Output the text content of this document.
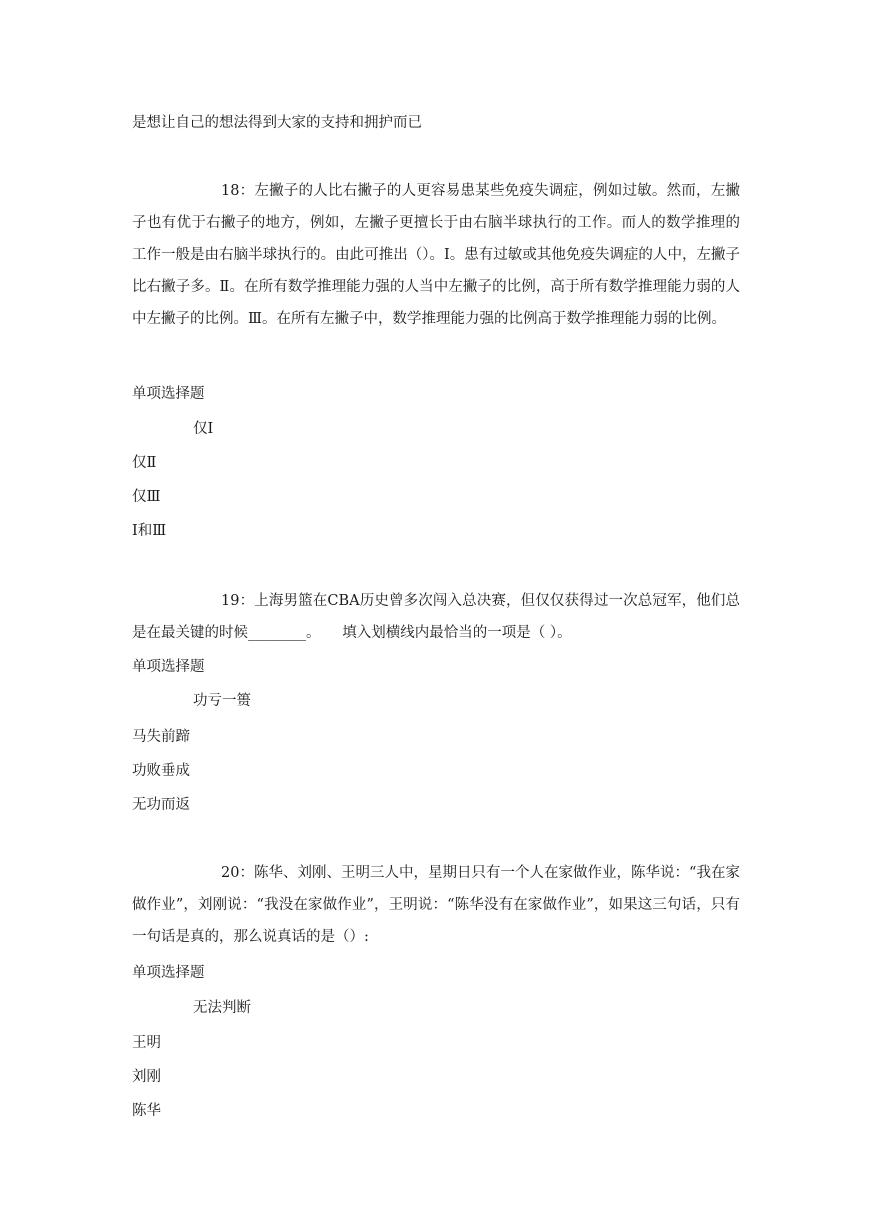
是想让自己的想法得到大家的支持和拥护而已
18：左撇子的人比右撇子的人更容易患某些免疫失调症，例如过敏。然而，左撇子也有优于右撇子的地方，例如，左撇子更擅长于由右脑半球执行的工作。而人的数学推理的工作一般是由右脑半球执行的。由此可推出（）。Ⅰ。患有过敏或其他免疫失调症的人中，左撇子比右撇子多。Ⅱ。在所有数学推理能力强的人当中左撇子的比例，高于所有数学推理能力弱的人中左撇子的比例。Ⅲ。在所有左撇子中，数学推理能力强的比例高于数学推理能力弱的比例。
单项选择题
仅Ⅰ
仅Ⅱ
仅Ⅲ
Ⅰ和Ⅲ
19：上海男篮在CBA历史曾多次闯入总决赛，但仅仅获得过一次总冠军，他们总是在最关键的时候________。　　填入划横线内最恰当的一项是（ ）。
单项选择题
功亏一篑
马失前蹄
功败垂成
无功而返
20：陈华、刘刚、王明三人中，星期日只有一个人在家做作业，陈华说：“我在家做作业”，刘刚说：“我没在家做作业”，王明说：“陈华没有在家做作业”，如果这三句话，只有一句话是真的，那么说真话的是（）:
单项选择题
无法判断
王明
刘刚
陈华
